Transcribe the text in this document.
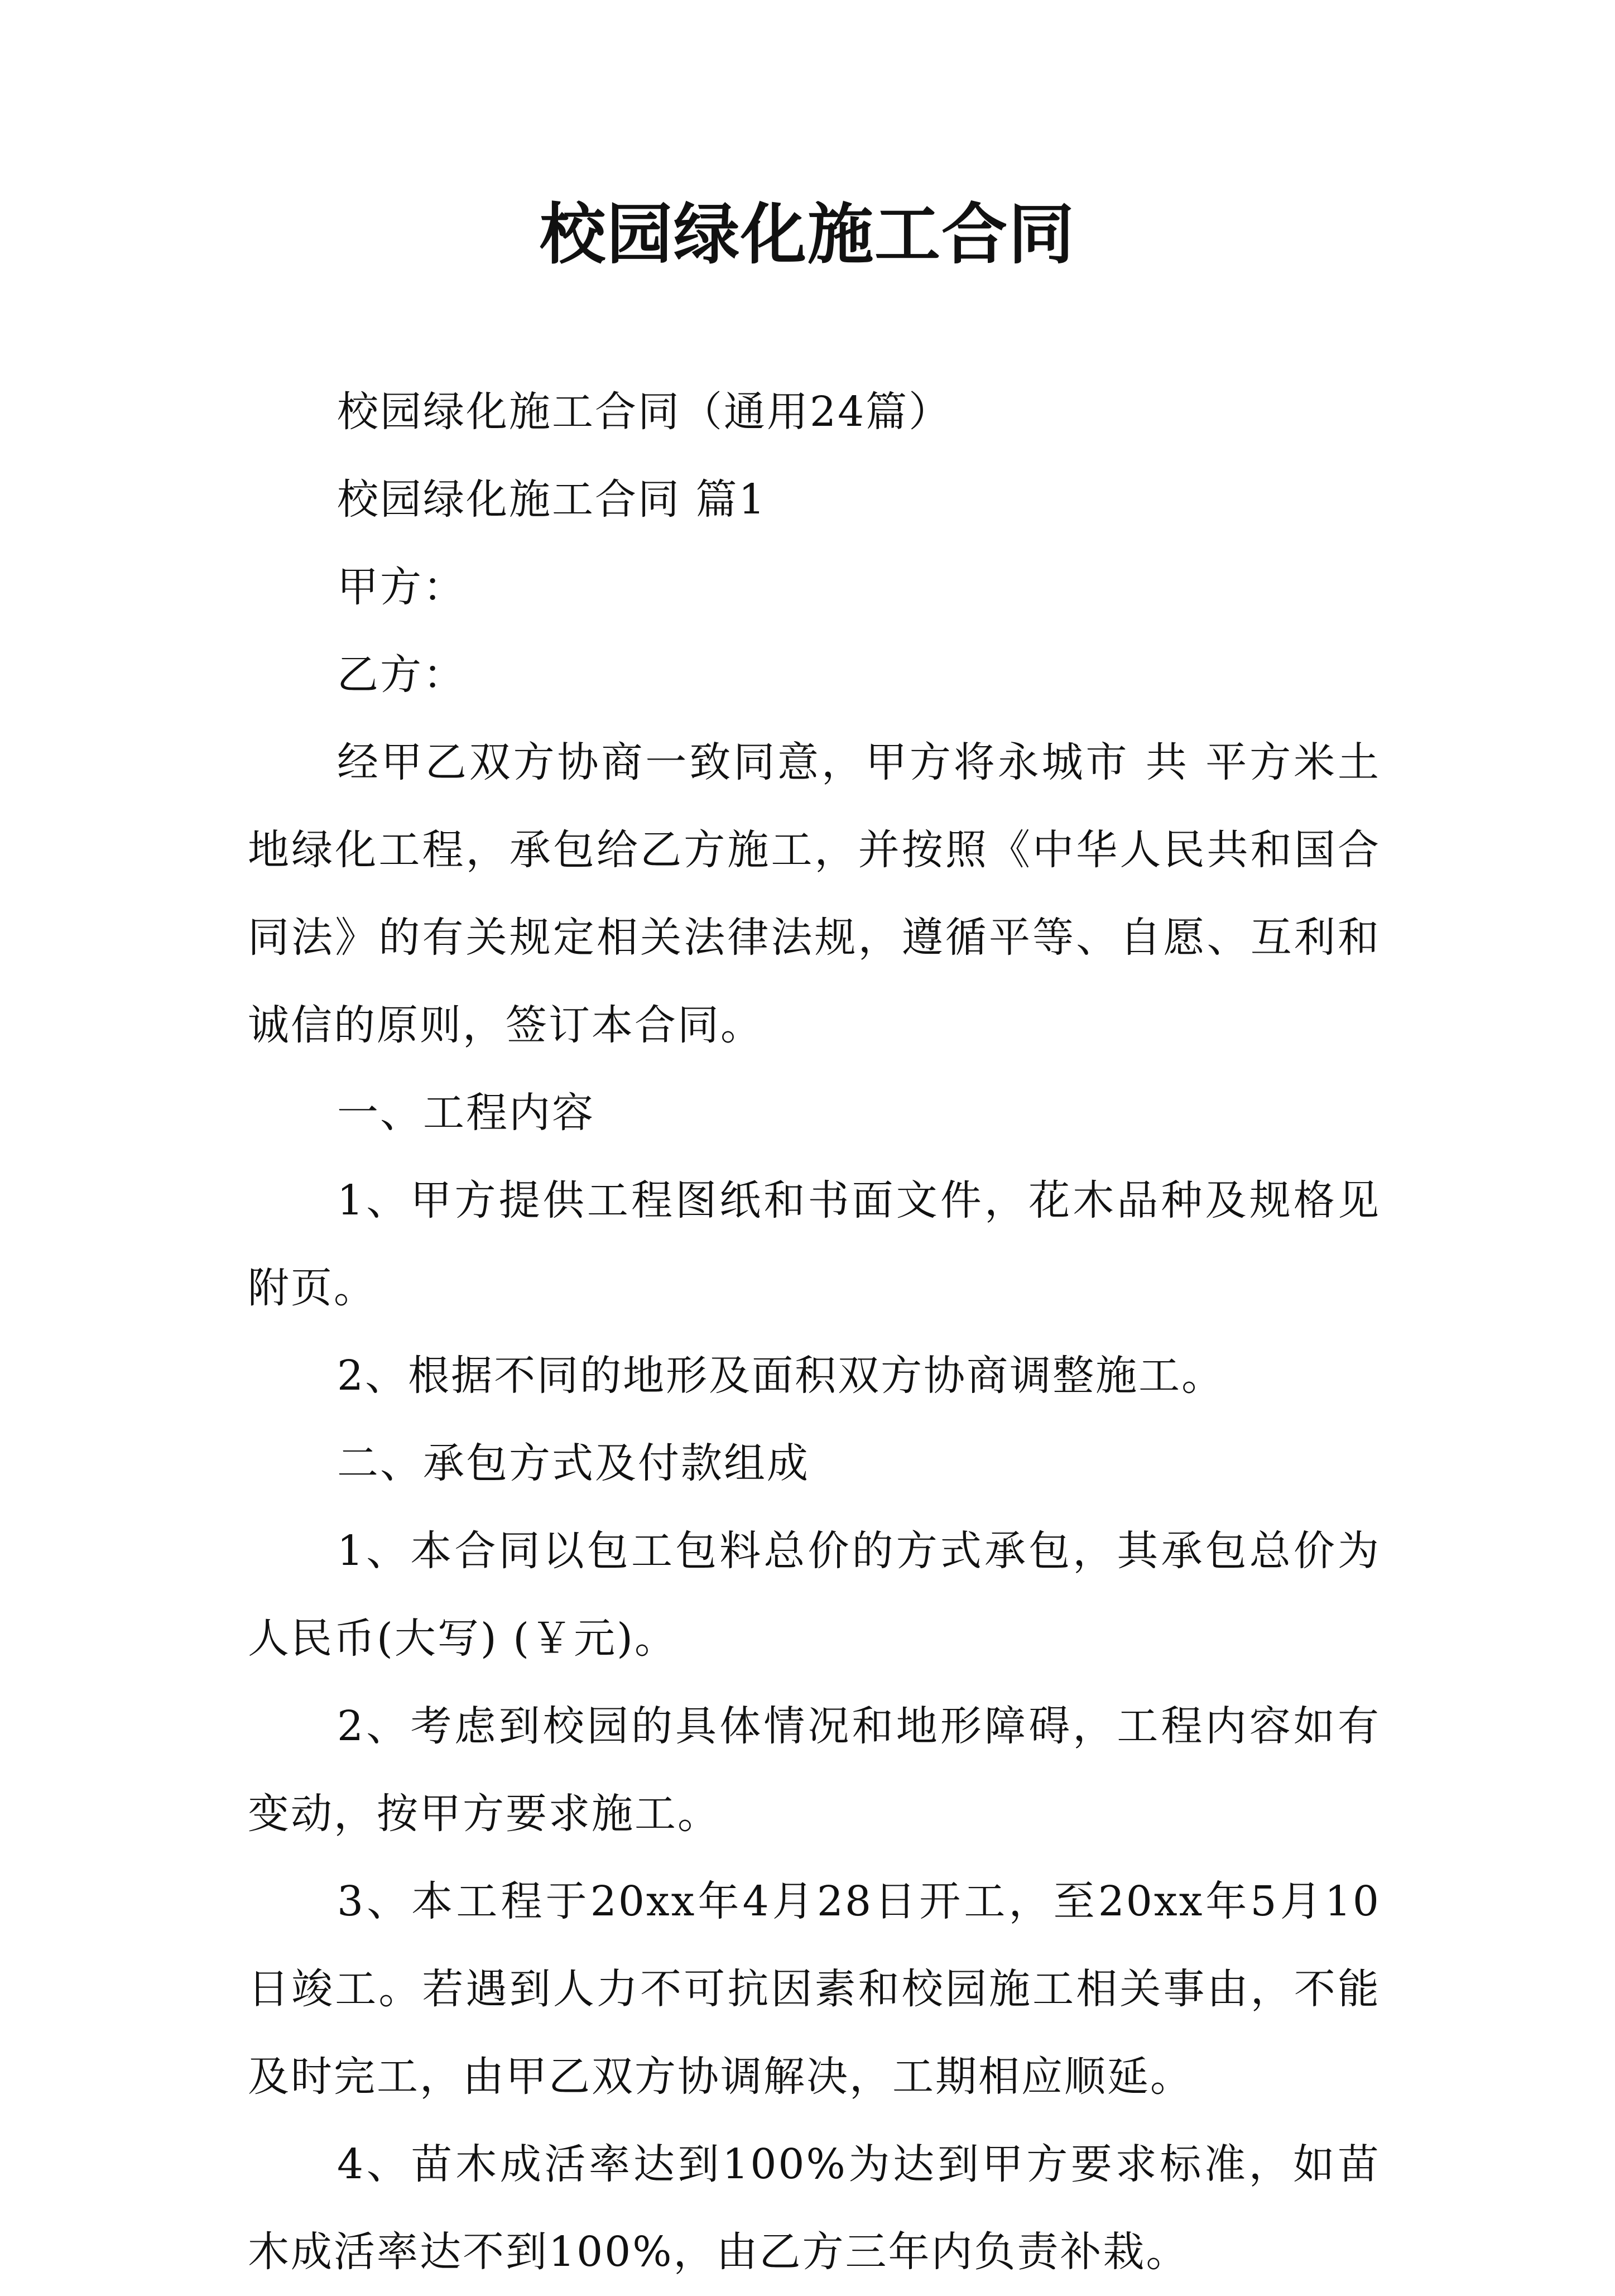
校园绿化施工合同

校园绿化施工合同（通用24篇）

校园绿化施工合同 篇1

甲方：

乙方：

经甲乙双方协商一致同意，甲方将永城市 共 平方米土地绿化工程，承包给乙方施工，并按照《中华人民共和国合同法》的有关规定相关法律法规，遵循平等、自愿、互利和诚信的原则，签订本合同。

一、工程内容

1、甲方提供工程图纸和书面文件，花木品种及规格见附页。

2、根据不同的地形及面积双方协商调整施工。

二、承包方式及付款组成

1、本合同以包工包料总价的方式承包，其承包总价为人民币(大写) (￥元)。

2、考虑到校园的具体情况和地形障碍，工程内容如有变动，按甲方要求施工。

3、本工程于20xx年4月28日开工，至20xx年5月10日竣工。若遇到人力不可抗因素和校园施工相关事由，不能及时完工，由甲乙双方协调解决，工期相应顺延。

4、苗木成活率达到100%为达到甲方要求标准，如苗木成活率达不到100%，由乙方三年内负责补栽。
